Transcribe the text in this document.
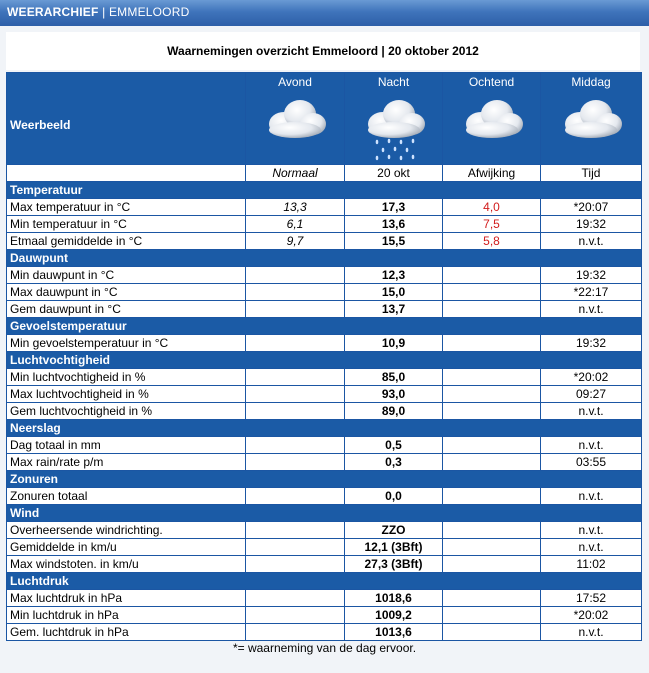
WEERARCHIEF | EMMELOORD
Waarnemingen overzicht Emmeloord | 20 oktober 2012
Weerbeeld	Avond	Nacht	Ochtend	Middag

	Normaal	20 okt	Afwijking	Tijd
Temperatuur				
Max temperatuur in °C	13,3	17,3	4,0	*20:07
Min temperatuur in °C	6,1	13,6	7,5	19:32
Etmaal gemiddelde in °C	9,7	15,5	5,8	n.v.t.
Dauwpunt				
Min dauwpunt in °C		12,3		19:32
Max dauwpunt in °C		15,0		*22:17
Gem dauwpunt in °C		13,7		n.v.t.
Gevoelstemperatuur				
Min gevoelstemperatuur in °C		10,9		19:32
Luchtvochtigheid				
Min luchtvochtigheid in %		85,0		*20:02
Max luchtvochtigheid in %		93,0		09:27
Gem luchtvochtigheid in %		89,0		n.v.t.
Neerslag				
Dag totaal in mm		0,5		n.v.t.
Max rain/rate p/m		0,3		03:55
Zonuren				
Zonuren totaal		0,0		n.v.t.
Wind				
Overheersende windrichting.		ZZO		n.v.t.
Gemiddelde in km/u		12,1 (3Bft)		n.v.t.
Max windstoten. in km/u		27,3 (3Bft)		11:02
Luchtdruk				
Max luchtdruk in hPa		1018,6		17:52
Min luchtdruk in hPa		1009,2		*20:02
Gem. luchtdruk in hPa		1013,6		n.v.t.
*= waarneming van de dag ervoor.
